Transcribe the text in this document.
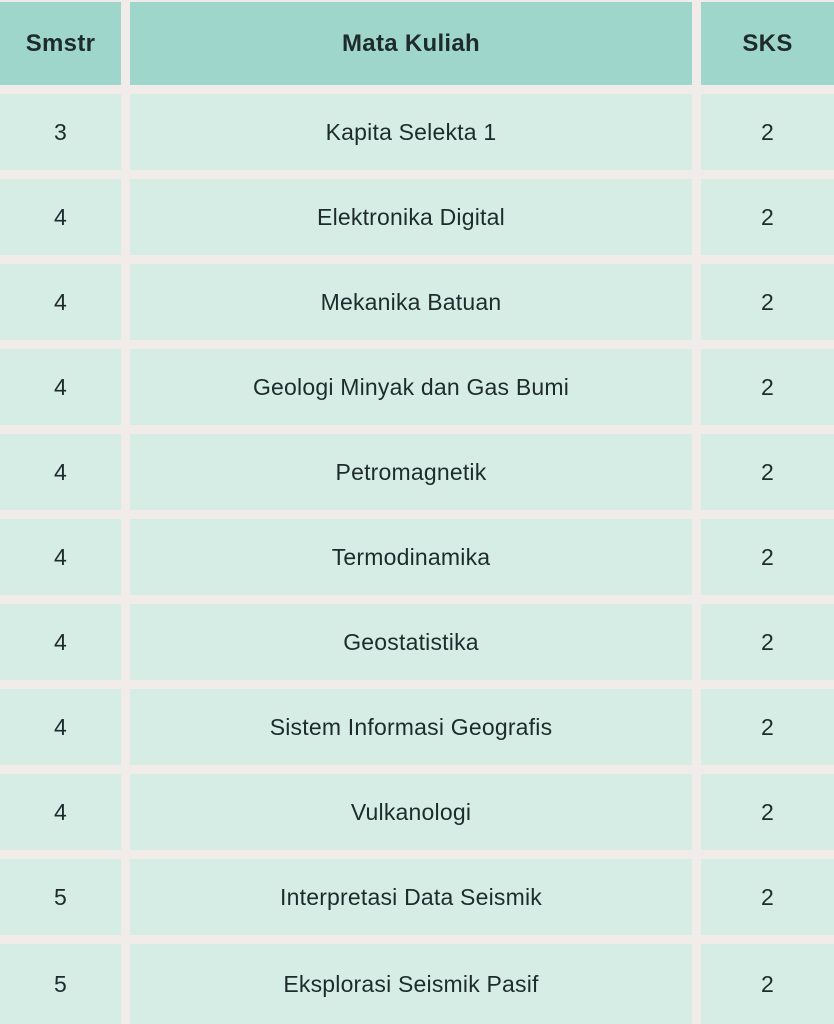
Smstr	Mata Kuliah	SKS
3	Kapita Selekta 1	2
4	Elektronika Digital	2
4	Mekanika Batuan	2
4	Geologi Minyak dan Gas Bumi	2
4	Petromagnetik	2
4	Termodinamika	2
4	Geostatistika	2
4	Sistem Informasi Geografis	2
4	Vulkanologi	2
5	Interpretasi Data Seismik	2
5	Eksplorasi Seismik Pasif	2
